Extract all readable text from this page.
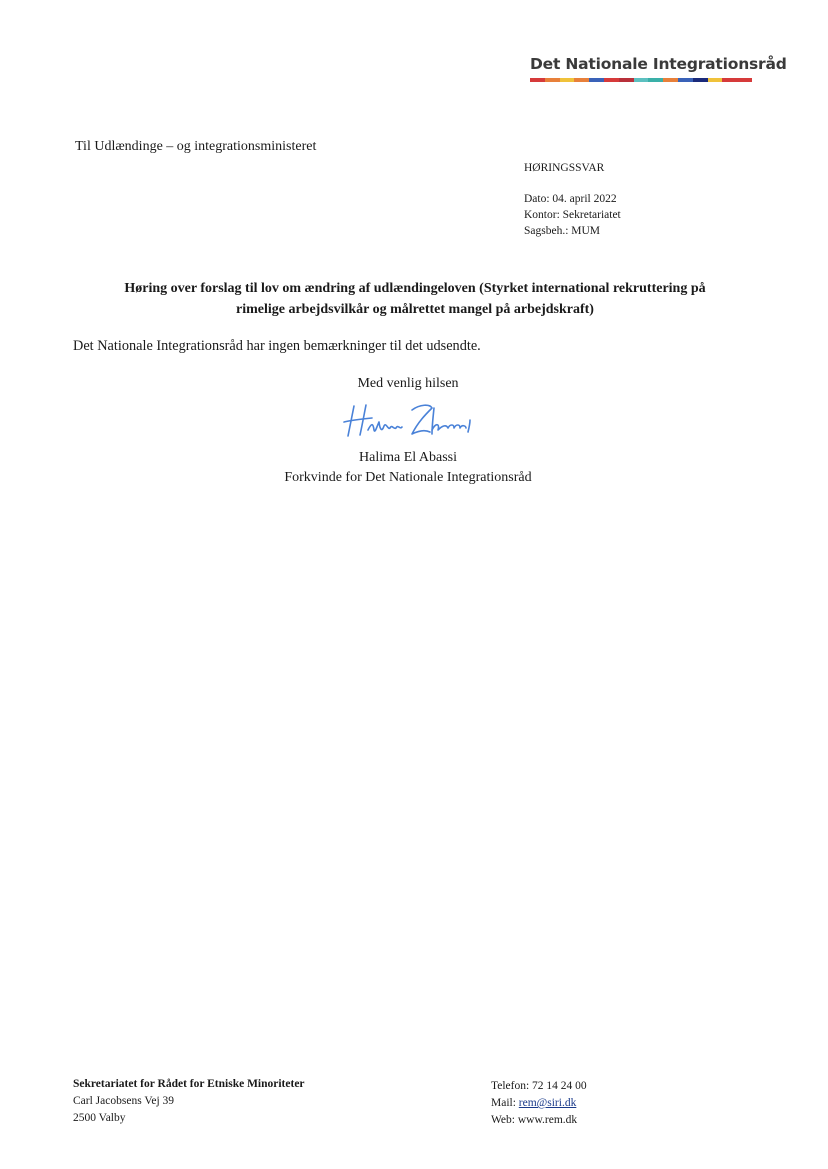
Det Nationale Integrationsråd
Til Udlændinge – og integrationsministeret
HØRINGSSVAR
Dato: 04. april 2022
Kontor: Sekretariatet
Sagsbeh.: MUM
Høring over forslag til lov om ændring af udlændingeloven (Styrket international rekruttering på
rimelige arbejdsvilkår og målrettet mangel på arbejdskraft)
Det Nationale Integrationsråd har ingen bemærkninger til det udsendte.
Med venlig hilsen
Halima El Abassi
Forkvinde for Det Nationale Integrationsråd
Sekretariatet for Rådet for Etniske Minoriteter
Carl Jacobsens Vej 39
2500 Valby
Telefon: 72 14 24 00
Mail: rem@siri.dk
Web: www.rem.dk
